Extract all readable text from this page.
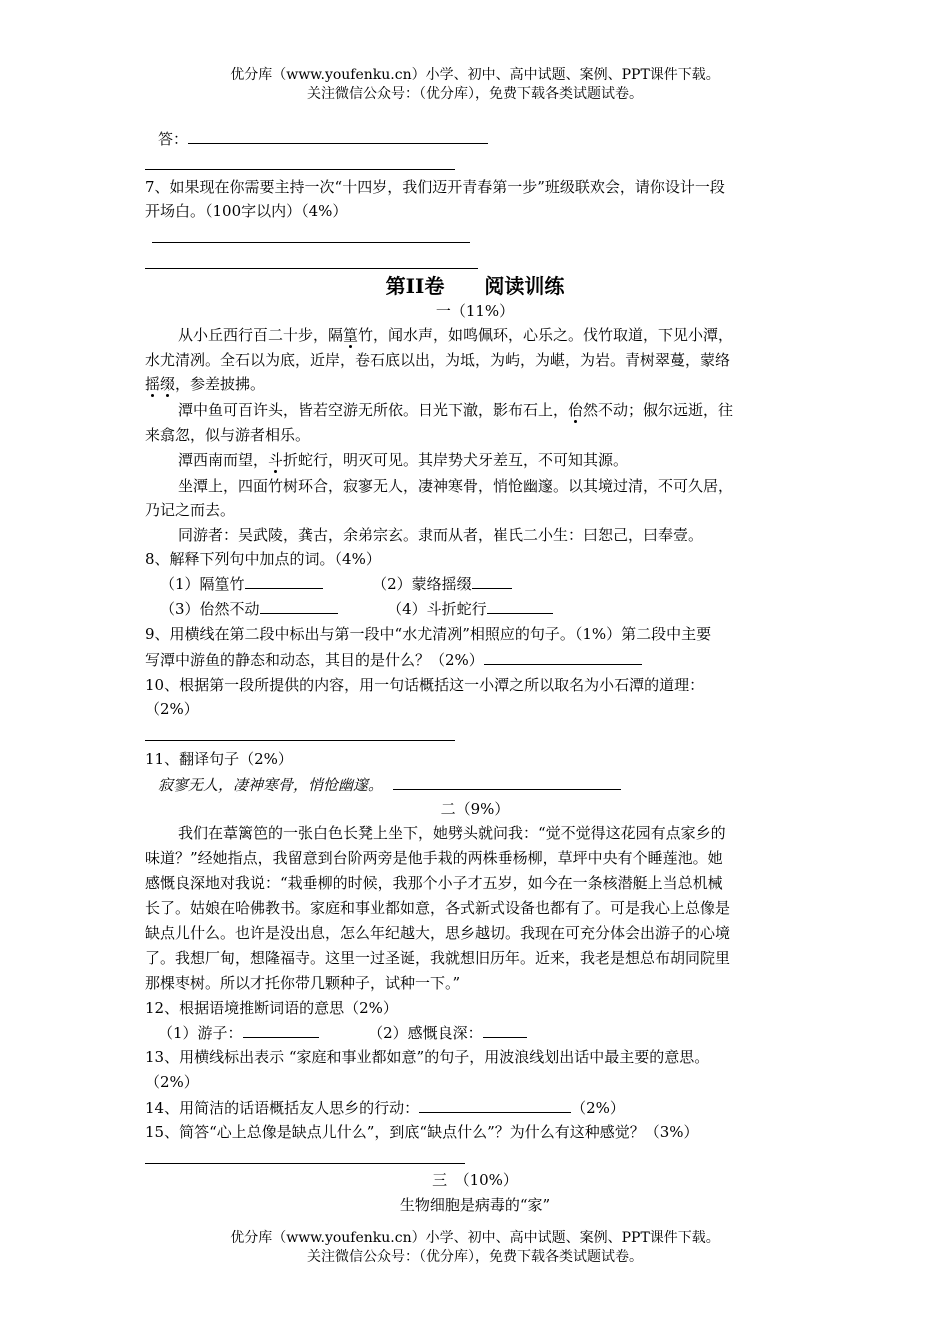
优分库（www.youfenku.cn）小学、初中、高中试题、案例、PPT课件下载。
关注微信公众号：（优分库），免费下载各类试题试卷。
答：
7、如果现在你需要主持一次“十四岁，我们迈开青春第一步”班级联欢会，请你设计一段
开场白。（100字以内）（4%）
第II卷　　阅读训练
一（11%）
从小丘西行百二十步，隔篁竹，闻水声，如鸣佩环，心乐之。伐竹取道，下见小潭，
水尤清冽。全石以为底，近岸，卷石底以出，为坻，为屿，为嵁，为岩。青树翠蔓，蒙络
摇缀，参差披拂。
潭中鱼可百许头，皆若空游无所依。日光下澈，影布石上，佁然不动；俶尔远逝，往
来翕忽，似与游者相乐。
潭西南而望，斗折蛇行，明灭可见。其岸势犬牙差互，不可知其源。
坐潭上，四面竹树环合，寂寥无人，凄神寒骨，悄怆幽邃。以其境过清，不可久居，
乃记之而去。
同游者：吴武陵，龚古，余弟宗玄。隶而从者，崔氏二小生：曰恕己，曰奉壹。
8、解释下列句中加点的词。（4%）
（1）隔篁竹	（2）蒙络摇缀
（3）佁然不动	（4）斗折蛇行
9、用横线在第二段中标出与第一段中“水尤清冽”相照应的句子。（1%）第二段中主要
写潭中游鱼的静态和动态，其目的是什么？（2%）
10、根据第一段所提供的内容，用一句话概括这一小潭之所以取名为小石潭的道理：
（2%）
11、翻译句子（2%）
寂寥无人，凄神寒骨，悄怆幽邃。
二（9%）
我们在葦篱笆的一张白色长凳上坐下，她劈头就问我：“觉不觉得这花园有点家乡的
味道？”经她指点，我留意到台阶两旁是他手栽的两株垂杨柳，草坪中央有个睡莲池。她
感慨良深地对我说：“栽垂柳的时候，我那个小子才五岁，如今在一条核潜艇上当总机械
长了。姑娘在哈佛教书。家庭和事业都如意，各式新式设备也都有了。可是我心上总像是
缺点儿什么。也许是没出息，怎么年纪越大，思乡越切。我现在可充分体会出游子的心境
了。我想厂甸，想隆福寺。这里一过圣诞，我就想旧历年。近来，我老是想总布胡同院里
那棵枣树。所以才托你带几颗种子，试种一下。”
12、根据语境推断词语的意思（2%）
（1）游子：	（2）感慨良深：
13、用横线标出表示 “家庭和事业都如意”的句子，用波浪线划出话中最主要的意思。
（2%）
14、用简洁的话语概括友人思乡的行动：	（2%）
15、简答“心上总像是缺点儿什么”，到底“缺点什么”？为什么有这种感觉？（3%）
三　（10%）
生物细胞是病毒的“家”
优分库（www.youfenku.cn）小学、初中、高中试题、案例、PPT课件下载。
关注微信公众号：（优分库），免费下载各类试题试卷。
